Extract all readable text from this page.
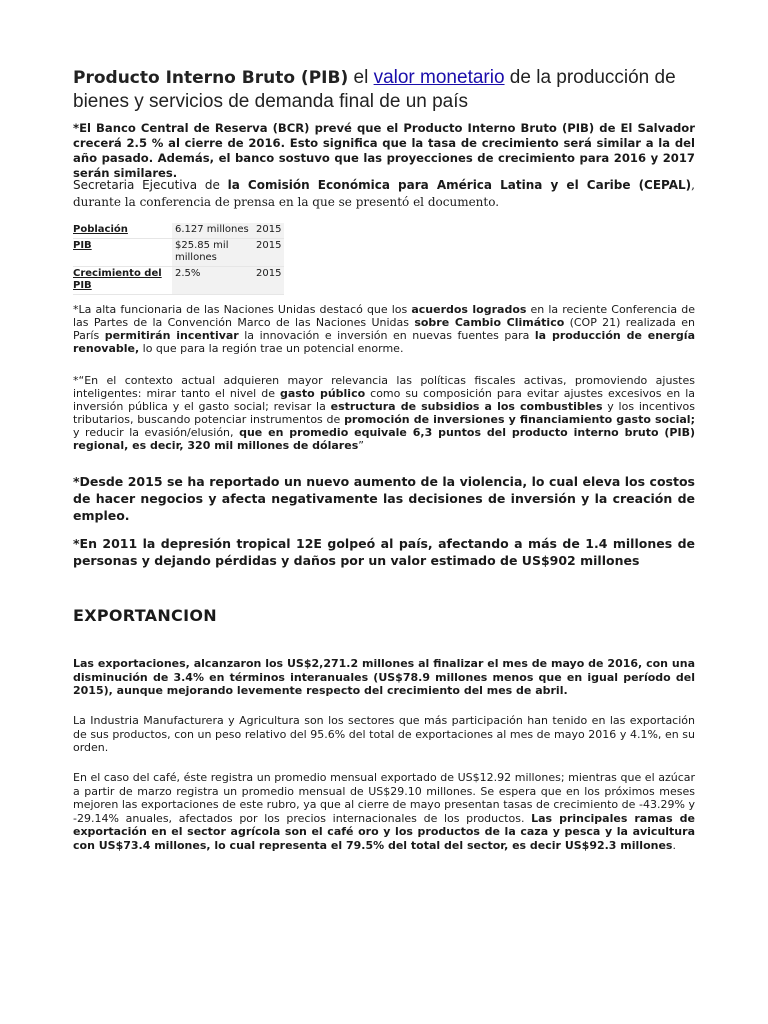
Producto Interno Bruto (PIB) el valor monetario de la producción de bienes y servicios de demanda final de un país
*El Banco Central de Reserva (BCR) prevé que el Producto Interno Bruto (PIB) de El Salvador crecerá 2.5 % al cierre de 2016. Esto significa que la tasa de crecimiento será similar a la del año pasado. Además, el banco sostuvo que las proyecciones de crecimiento para 2016 y 2017 serán similares.
Secretaria Ejecutiva de la Comisión Económica para América Latina y el Caribe (CEPAL), durante la conferencia de prensa en la que se presentó el documento.
Población	6.127 millones	2015
PIB	$25.85 mil millones	2015
Crecimiento del PIB	2.5%	2015
*La alta funcionaria de las Naciones Unidas destacó que los acuerdos logrados en la reciente Conferencia de las Partes de la Convención Marco de las Naciones Unidas sobre Cambio Climático (COP 21) realizada en París permitirán incentivar la innovación e inversión en nuevas fuentes para la producción de energía renovable, lo que para la región trae un potencial enorme.
*“En el contexto actual adquieren mayor relevancia las políticas fiscales activas, promoviendo ajustes inteligentes: mirar tanto el nivel de gasto público como su composición para evitar ajustes excesivos en la inversión pública y el gasto social; revisar la estructura de subsidios a los combustibles y los incentivos tributarios, buscando potenciar instrumentos de promoción de inversiones y financiamiento gasto social; y reducir la evasión/elusión, que en promedio equivale 6,3 puntos del producto interno bruto (PIB) regional, es decir, 320 mil millones de dólares”
*Desde 2015 se ha reportado un nuevo aumento de la violencia, lo cual eleva los costos de hacer negocios y afecta negativamente las decisiones de inversión y la creación de empleo.
*En 2011 la depresión tropical 12E golpeó al país, afectando a más de 1.4 millones de personas y dejando pérdidas y daños por un valor estimado de US$902 millones
EXPORTANCION
Las exportaciones, alcanzaron los US$2,271.2 millones al finalizar el mes de mayo de 2016, con una disminución de 3.4% en términos interanuales (US$78.9 millones menos que en igual período del 2015), aunque mejorando levemente respecto del crecimiento del mes de abril.
La Industria Manufacturera y Agricultura son los sectores que más participación han tenido en las exportación de sus productos, con un peso relativo del 95.6% del total de exportaciones al mes de mayo 2016 y 4.1%, en su orden.
En el caso del café, éste registra un promedio mensual exportado de US$12.92 millones; mientras que el azúcar a partir de marzo registra un promedio mensual de US$29.10 millones. Se espera que en los próximos meses mejoren las exportaciones de este rubro, ya que al cierre de mayo presentan tasas de crecimiento de -43.29% y -29.14% anuales, afectados por los precios internacionales de los productos. Las principales ramas de exportación en el sector agrícola son el café oro y los productos de la caza y pesca y la avicultura con US$73.4 millones, lo cual representa el 79.5% del total del sector, es decir US$92.3 millones.
